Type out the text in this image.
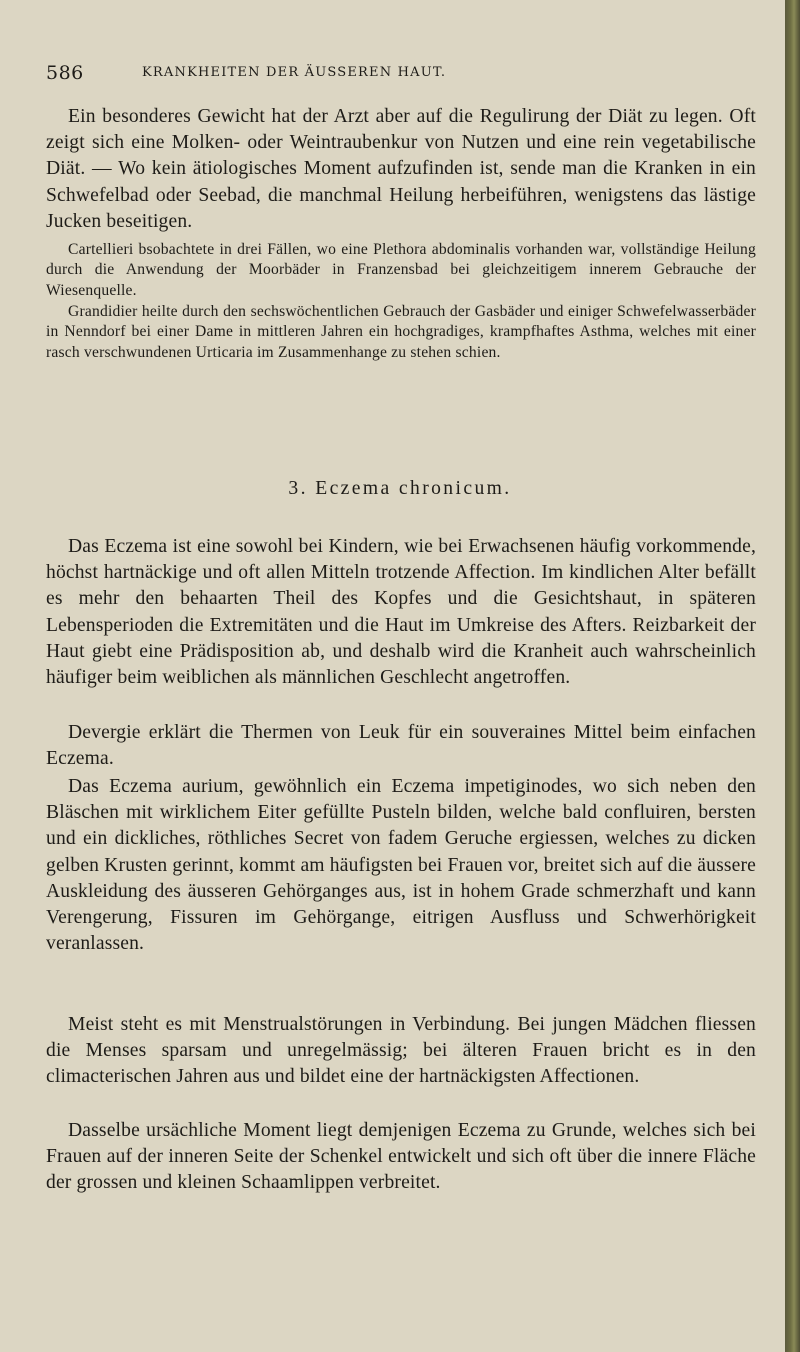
586	KRANKHEITEN DER ÄUSSEREN HAUT.

Ein besonderes Gewicht hat der Arzt aber auf die Regulirung der Diät zu legen. Oft zeigt sich eine Molken- oder Weintraubenkur von Nutzen und eine rein vegetabilische Diät. — Wo kein ätiologisches Moment aufzufinden ist, sende man die Kranken in ein Schwefelbad oder Seebad, die manchmal Heilung herbeiführen, wenigstens das lästige Jucken beseitigen.

Cartellieri bsobachtete in drei Fällen, wo eine Plethora abdominalis vorhanden war, vollständige Heilung durch die Anwendung der Moorbäder in Franzensbad bei gleichzeitigem innerem Gebrauche der Wiesenquelle.

Grandidier heilte durch den sechswöchentlichen Gebrauch der Gasbäder und einiger Schwefelwasserbäder in Nenndorf bei einer Dame in mittleren Jahren ein hochgradiges, krampfhaftes Asthma, welches mit einer rasch verschwundenen Urticaria im Zusammenhange zu stehen schien.

3. Eczema chronicum.

Das Eczema ist eine sowohl bei Kindern, wie bei Erwachsenen häufig vorkommende, höchst hartnäckige und oft allen Mitteln trotzende Affection. Im kindlichen Alter befällt es mehr den behaarten Theil des Kopfes und die Gesichtshaut, in späteren Lebensperioden die Extremitäten und die Haut im Umkreise des Afters. Reizbarkeit der Haut giebt eine Prädisposition ab, und deshalb wird die Kranheit auch wahrscheinlich häufiger beim weiblichen als männlichen Geschlecht angetroffen.

Devergie erklärt die Thermen von Leuk für ein souveraines Mittel beim einfachen Eczema.

Das Eczema aurium, gewöhnlich ein Eczema impetiginodes, wo sich neben den Bläschen mit wirklichem Eiter gefüllte Pusteln bilden, welche bald confluiren, bersten und ein dickliches, röthliches Secret von fadem Geruche ergiessen, welches zu dicken gelben Krusten gerinnt, kommt am häufigsten bei Frauen vor, breitet sich auf die äussere Auskleidung des äusseren Gehörganges aus, ist in hohem Grade schmerzhaft und kann Verengerung, Fissuren im Gehörgange, eitrigen Ausfluss und Schwerhörigkeit veranlassen.

Meist steht es mit Menstrualstörungen in Verbindung. Bei jungen Mädchen fliessen die Menses sparsam und unregelmässig; bei älteren Frauen bricht es in den climacterischen Jahren aus und bildet eine der hartnäckigsten Affectionen.

Dasselbe ursächliche Moment liegt demjenigen Eczema zu Grunde, welches sich bei Frauen auf der inneren Seite der Schenkel entwickelt und sich oft über die innere Fläche der grossen und kleinen Schaamlippen verbreitet.
